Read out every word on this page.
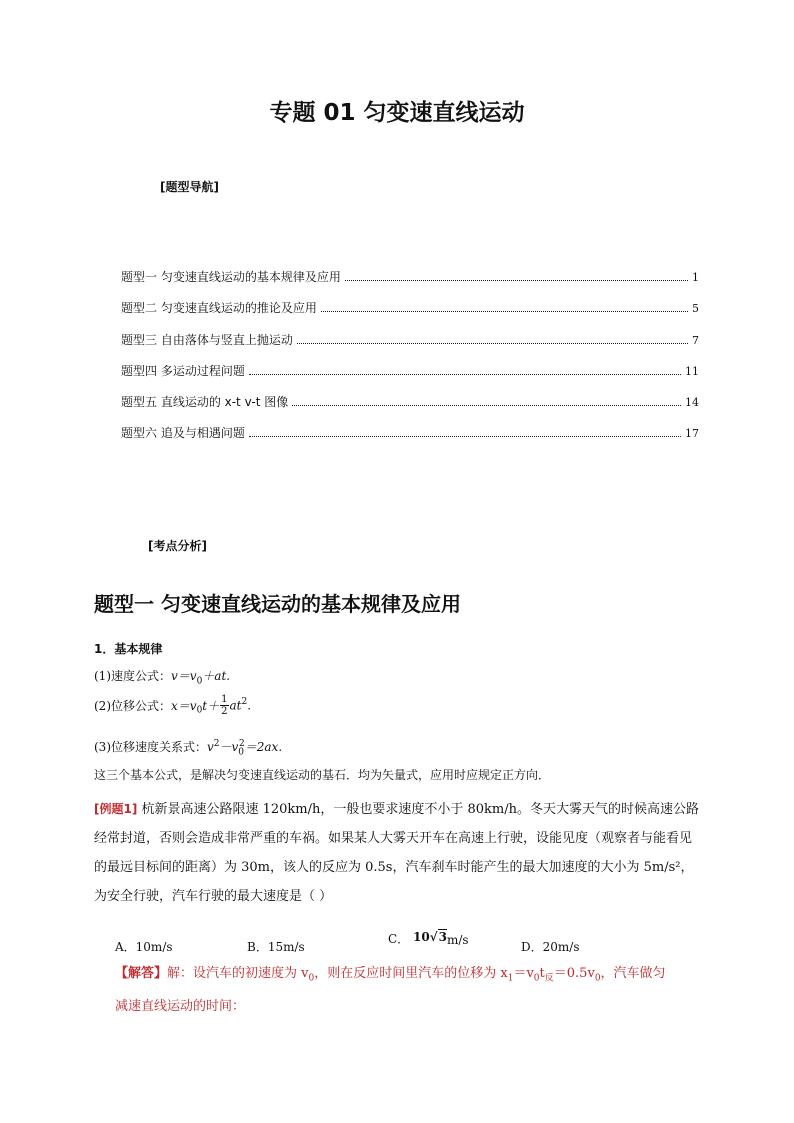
专题 01 匀变速直线运动
[题型导航]
题型一 匀变速直线运动的基本规律及应用	1
题型二 匀变速直线运动的推论及应用	5
题型三 自由落体与竖直上抛运动	7
题型四 多运动过程问题	11
题型五 直线运动的 x-t v-t 图像	14
题型六 追及与相遇问题	17
[考点分析]
题型一 匀变速直线运动的基本规律及应用
1．基本规律
(1)速度公式：$v=v_0+at$.
(2)位移公式：$x=v_0t+ \frac{1}{2} at^2$.
(3)位移速度关系式：$v^2-v_0^2=2ax$.
这三个基本公式，是解决匀变速直线运动的基石．均为矢量式，应用时应规定正方向．
[例题1] 杭新景高速公路限速 120km/h，一般也要求速度不小于 80km/h。冬天大雾天气的时候高速公路经常封道，否则会造成非常严重的车祸。如果某人大雾天开车在高速上行驶，设能见度（观察者与能看见的最远目标间的距离）为 30m，该人的反应为 0.5s，汽车刹车时能产生的最大加速度的大小为 5m/s²，为安全行驶，汽车行驶的最大速度是（ ）
A．10m/s	B．15m/s
C． 10√3m/s	D．20m/s
【解答】解：设汽车的初速度为 $v_0$，则在反应时间里汽车的位移为 $x_1=v_0t_反=0.5v_0$，汽车做匀
减速直线运动的时间：
